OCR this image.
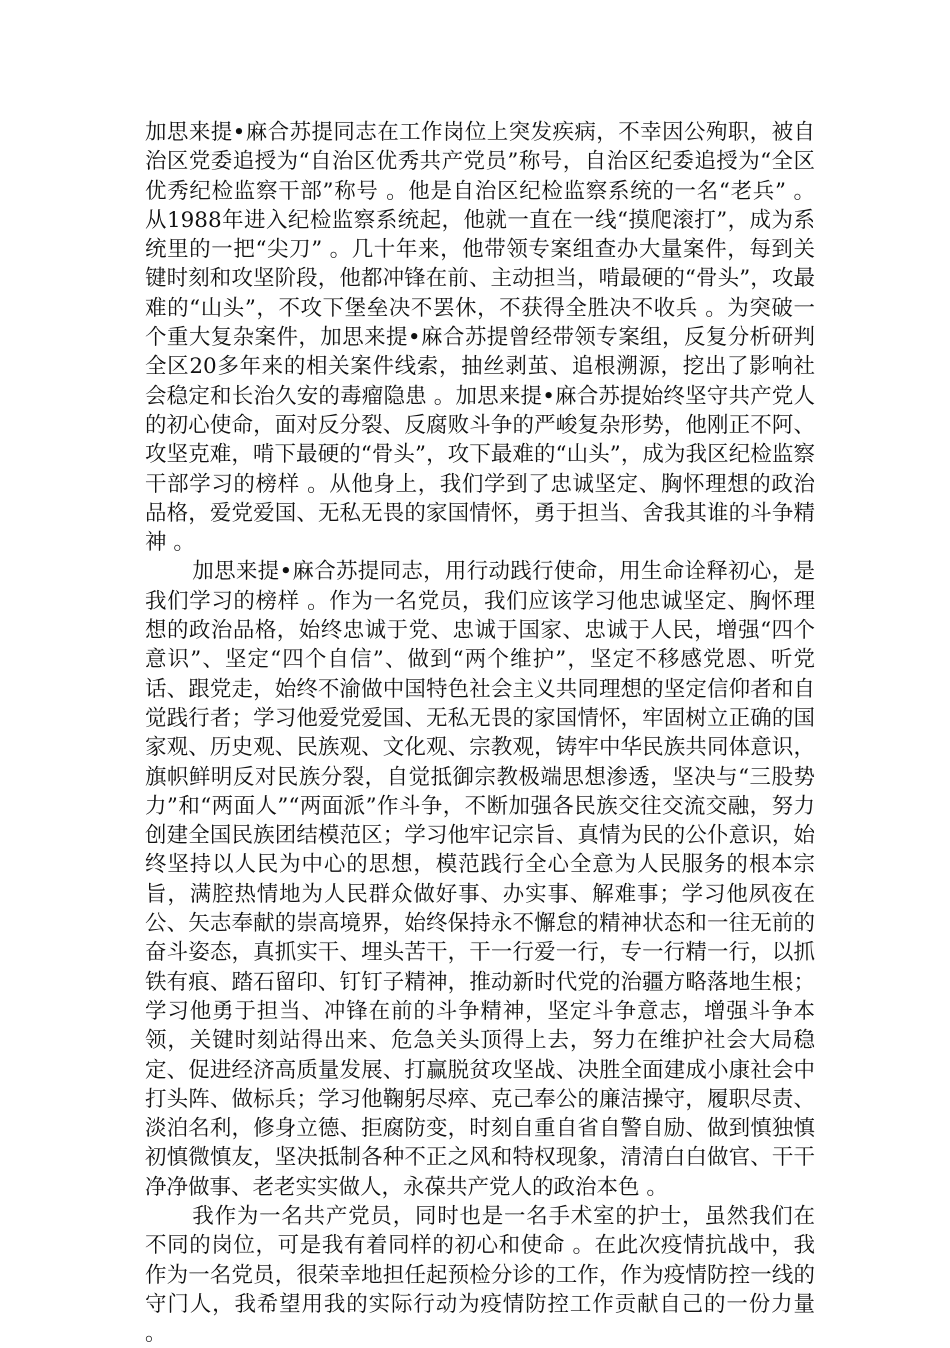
加思来提•麻合苏提同志在工作岗位上突发疾病，不幸因公殉职，被自治区党委追授为“自治区优秀共产党员”称号，自治区纪委追授为“全区优秀纪检监察干部”称号 。他是自治区纪检监察系统的一名“老兵” 。从1988年进入纪检监察系统起，他就一直在一线“摸爬滚打”，成为系统里的一把“尖刀” 。几十年来，他带领专案组查办大量案件，每到关键时刻和攻坚阶段，他都冲锋在前、主动担当，啃最硬的“骨头”，攻最难的“山头”，不攻下堡垒决不罢休，不获得全胜决不收兵 。为突破一个重大复杂案件，加思来提•麻合苏提曾经带领专案组，反复分析研判全区20多年来的相关案件线索，抽丝剥茧、追根溯源，挖出了影响社会稳定和长治久安的毒瘤隐患 。加思来提•麻合苏提始终坚守共产党人的初心使命，面对反分裂、反腐败斗争的严峻复杂形势，他刚正不阿、攻坚克难，啃下最硬的“骨头”，攻下最难的“山头”，成为我区纪检监察干部学习的榜样 。从他身上，我们学到了忠诚坚定、胸怀理想的政治品格，爱党爱国、无私无畏的家国情怀，勇于担当、舍我其谁的斗争精神 。

加思来提•麻合苏提同志，用行动践行使命，用生命诠释初心，是我们学习的榜样 。作为一名党员，我们应该学习他忠诚坚定、胸怀理想的政治品格，始终忠诚于党、忠诚于国家、忠诚于人民，增强“四个意识”、坚定“四个自信”、做到“两个维护”，坚定不移感党恩、听党话、跟党走，始终不渝做中国特色社会主义共同理想的坚定信仰者和自觉践行者；学习他爱党爱国、无私无畏的家国情怀，牢固树立正确的国家观、历史观、民族观、文化观、宗教观，铸牢中华民族共同体意识，旗帜鲜明反对民族分裂，自觉抵御宗教极端思想渗透，坚决与“三股势力”和“两面人”“两面派”作斗争，不断加强各民族交往交流交融，努力创建全国民族团结模范区；学习他牢记宗旨、真情为民的公仆意识，始终坚持以人民为中心的思想，模范践行全心全意为人民服务的根本宗旨，满腔热情地为人民群众做好事、办实事、解难事；学习他夙夜在公、矢志奉献的崇高境界，始终保持永不懈怠的精神状态和一往无前的奋斗姿态，真抓实干、埋头苦干，干一行爱一行，专一行精一行，以抓铁有痕、踏石留印、钉钉子精神，推动新时代党的治疆方略落地生根；学习他勇于担当、冲锋在前的斗争精神，坚定斗争意志，增强斗争本领，关键时刻站得出来、危急关头顶得上去，努力在维护社会大局稳定、促进经济高质量发展、打赢脱贫攻坚战、决胜全面建成小康社会中打头阵、做标兵；学习他鞠躬尽瘁、克己奉公的廉洁操守，履职尽责、淡泊名利，修身立德、拒腐防变，时刻自重自省自警自励、做到慎独慎初慎微慎友，坚决抵制各种不正之风和特权现象，清清白白做官、干干净净做事、老老实实做人，永葆共产党人的政治本色 。

我作为一名共产党员，同时也是一名手术室的护士，虽然我们在不同的岗位，可是我有着同样的初心和使命 。在此次疫情抗战中，我作为一名党员，很荣幸地担任起预检分诊的工作，作为疫情防控一线的守门人，我希望用我的实际行动为疫情防控工作贡献自己的一份力量 。
